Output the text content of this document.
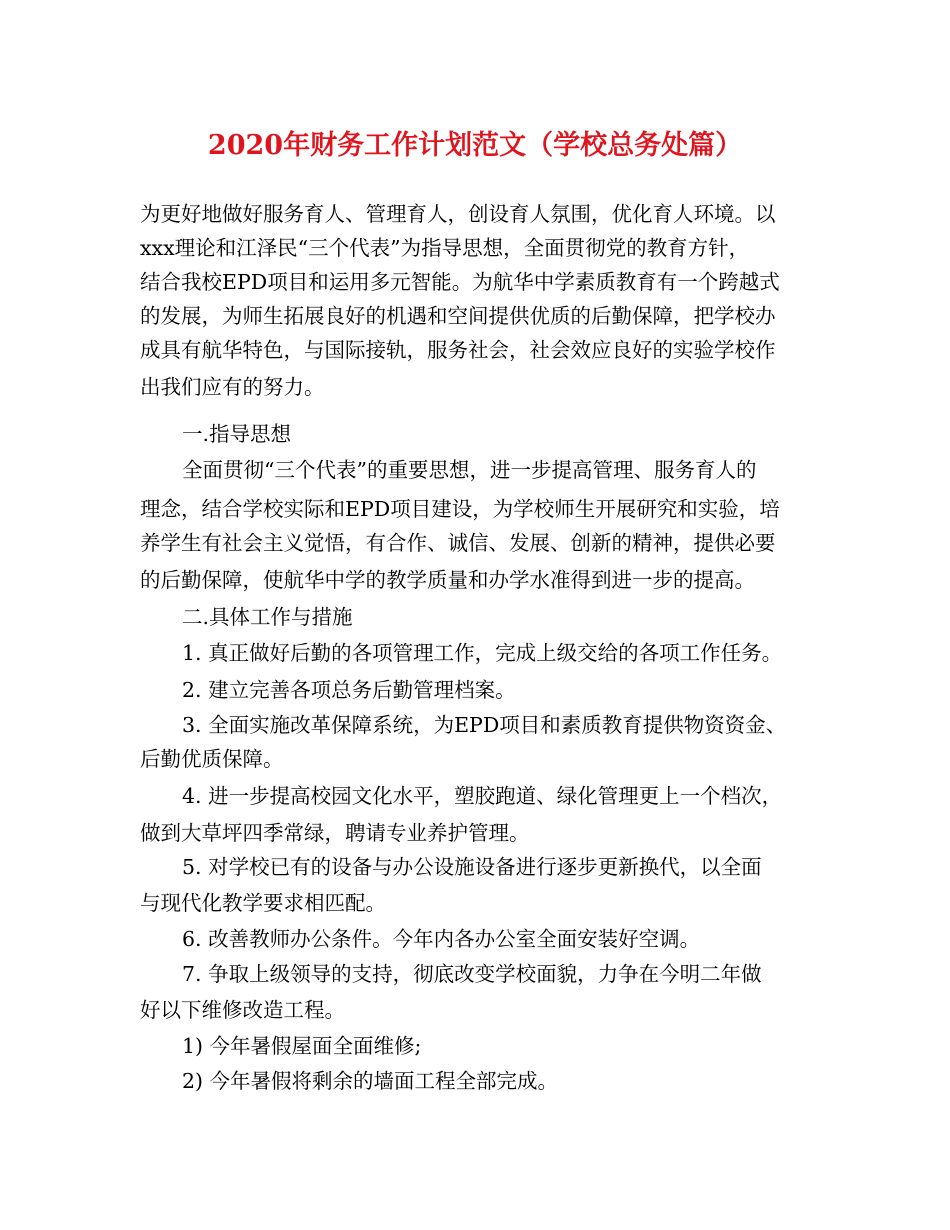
2020年财务工作计划范文（学校总务处篇）
为更好地做好服务育人、管理育人，创设育人氛围，优化育人环境。以
xxx理论和江泽民“三个代表”为指导思想，全面贯彻党的教育方针，
结合我校EPD项目和运用多元智能。为航华中学素质教育有一个跨越式
的发展，为师生拓展良好的机遇和空间提供优质的后勤保障，把学校办
成具有航华特色，与国际接轨，服务社会，社会效应良好的实验学校作
出我们应有的努力。
一.指导思想
全面贯彻“三个代表”的重要思想，进一步提高管理、服务育人的
理念，结合学校实际和EPD项目建设，为学校师生开展研究和实验，培
养学生有社会主义觉悟，有合作、诚信、发展、创新的精神，提供必要
的后勤保障，使航华中学的教学质量和办学水准得到进一步的提高。
二.具体工作与措施
1. 真正做好后勤的各项管理工作，完成上级交给的各项工作任务。
2. 建立完善各项总务后勤管理档案。
3. 全面实施改革保障系统，为EPD项目和素质教育提供物资资金、
后勤优质保障。
4. 进一步提高校园文化水平，塑胶跑道、绿化管理更上一个档次，
做到大草坪四季常绿，聘请专业养护管理。
5. 对学校已有的设备与办公设施设备进行逐步更新换代，以全面
与现代化教学要求相匹配。
6. 改善教师办公条件。今年内各办公室全面安装好空调。
7. 争取上级领导的支持，彻底改变学校面貌，力争在今明二年做
好以下维修改造工程。
1) 今年暑假屋面全面维修;
2) 今年暑假将剩余的墙面工程全部完成。
